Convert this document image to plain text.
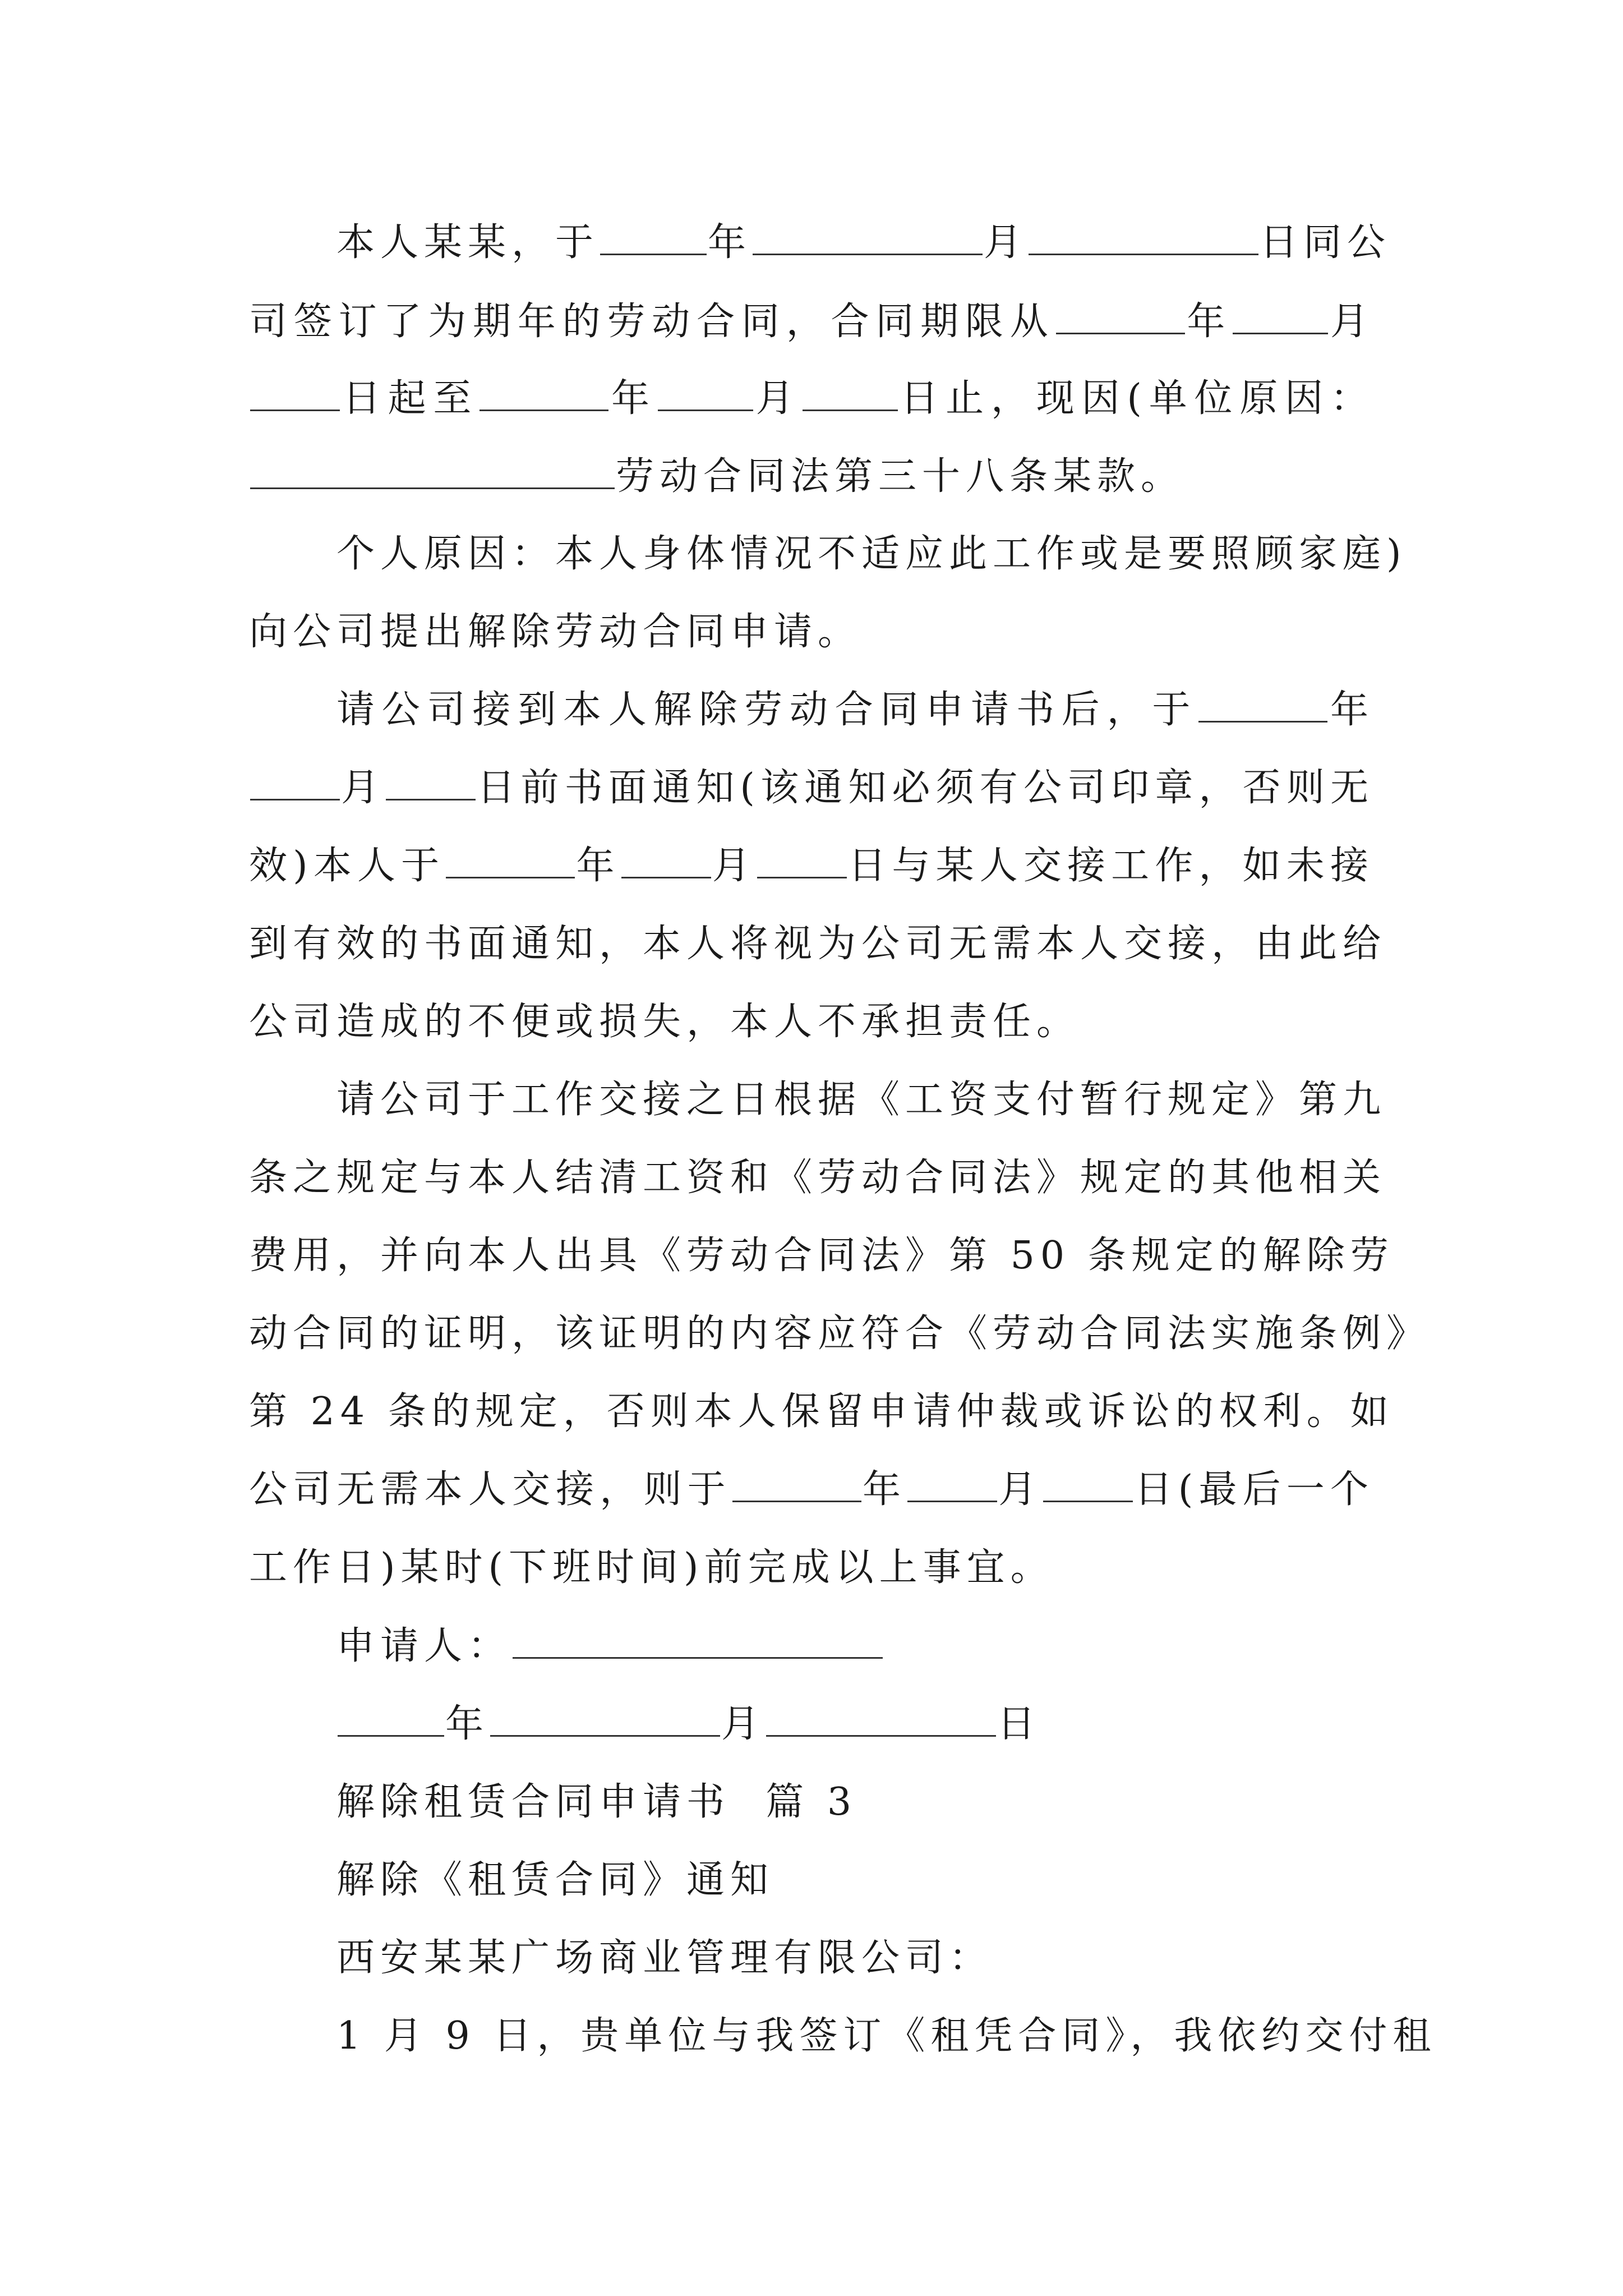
本人某某，于	年	月	日同公
司签订了为期年的劳动合同，合同期限从	年	月
日起至	年	月	日止，现因(单位原因：
劳动合同法第三十八条某款。
个人原因：本人身体情况不适应此工作或是要照顾家庭)
向公司提出解除劳动合同申请。
请公司接到本人解除劳动合同申请书后，于	年
月 日前书面通知(该通知必须有公司印章，否则无
效)本人于	年 月 日与某人交接工作，如未接
到有效的书面通知，本人将视为公司无需本人交接，由此给
公司造成的不便或损失，本人不承担责任。
请公司于工作交接之日根据《工资支付暂行规定》第九
条之规定与本人结清工资和《劳动合同法》规定的其他相关
费用，并向本人出具《劳动合同法》第 50 条规定的解除劳
动合同的证明，该证明的内容应符合《劳动合同法实施条例》
第 24 条的规定，否则本人保留申请仲裁或诉讼的权利。如
公司无需本人交接，则于	年 月 日(最后一个
工作日)某时(下班时间)前完成以上事宜。
申请人：
年	月	日
解除租赁合同申请书  篇 3
解除《租赁合同》通知
西安某某广场商业管理有限公司：
1 月 9 日，贵单位与我签订《租凭合同》，我依约交付租
